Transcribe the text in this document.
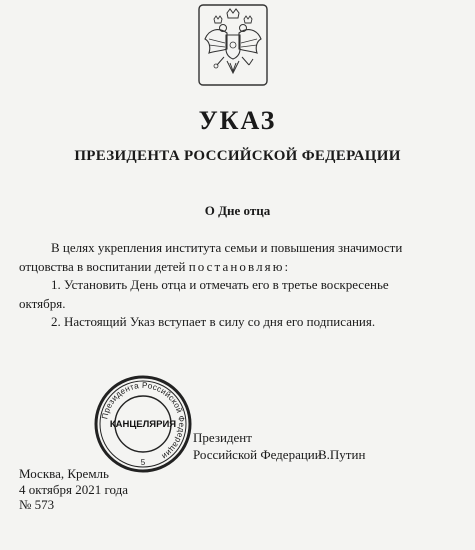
УКАЗ
ПРЕЗИДЕНТА РОССИЙСКОЙ ФЕДЕРАЦИИ
О Дне отца

В целях укрепления института семьи и повышения значимости

отцовства в воспитании детей постановляю:

1. Установить День отца и отмечать его в третье воскресенье

октября.

2. Настоящий Указ вступает в силу со дня его подписания.

Президента Российской Федерации
КАНЦЕЛЯРИЯ
5
Президент
Российской Федерации
В.Путин
Москва, Кремль
4 октября 2021 года
№ 573
